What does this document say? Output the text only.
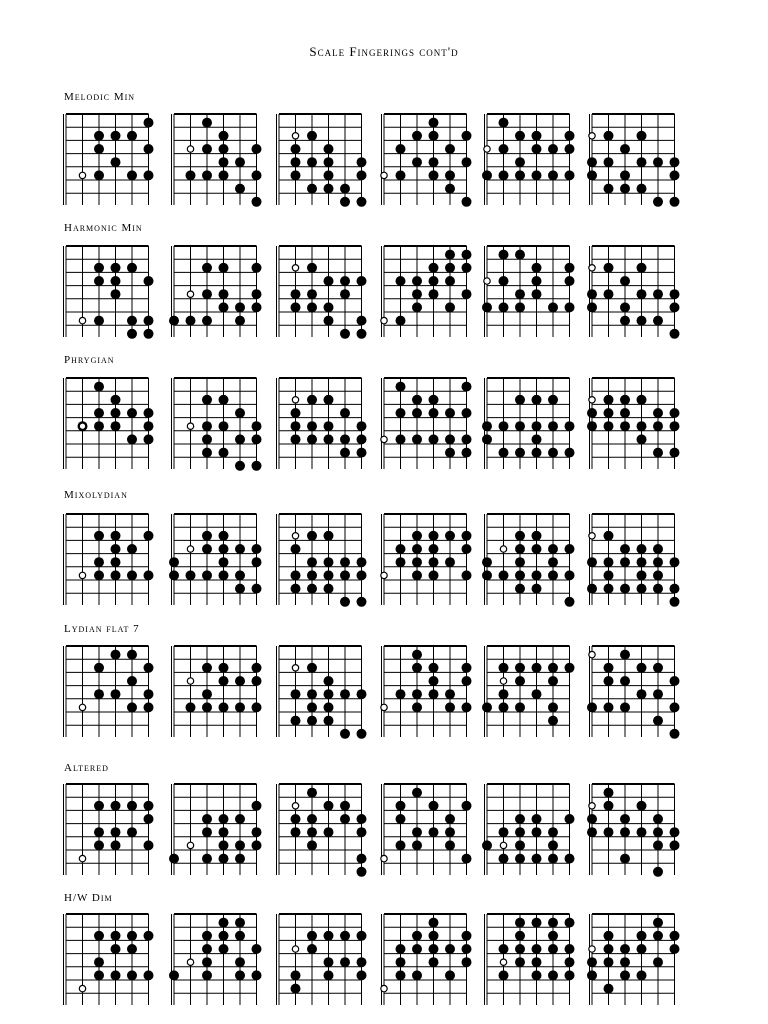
Scale Fingerings cont'd
Melodic Min
Harmonic Min
Phrygian
Mixolydian
Lydian flat 7
Altered
H/W Dim
